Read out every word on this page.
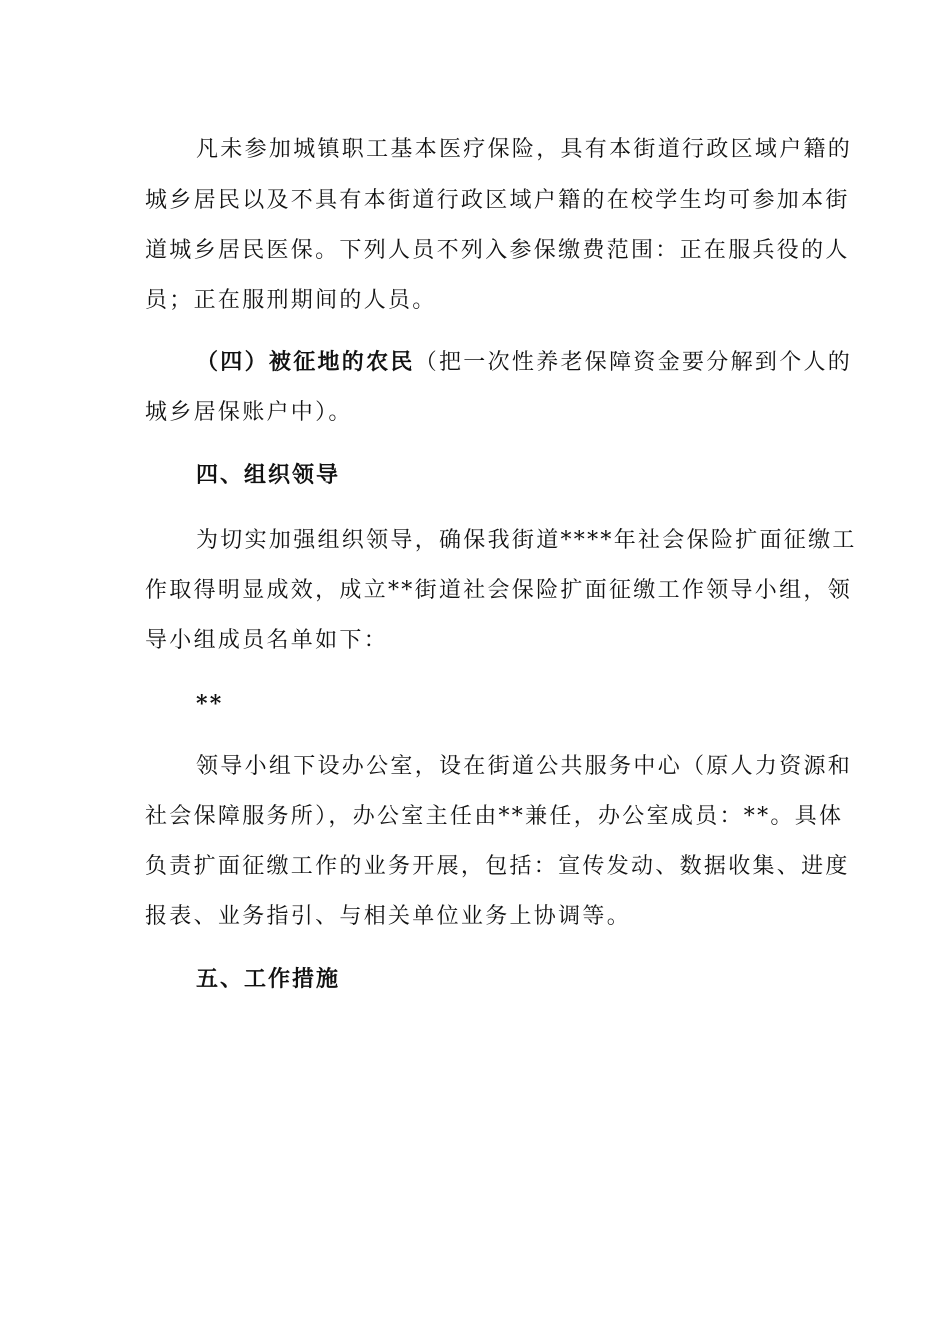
凡未参加城镇职工基本医疗保险，具有本街道行政区域户籍的
城乡居民以及不具有本街道行政区域户籍的在校学生均可参加本街
道城乡居民医保。下列人员不列入参保缴费范围：正在服兵役的人
员；正在服刑期间的人员。
（四）被征地的农民（把一次性养老保障资金要分解到个人的
城乡居保账户中）。
四、组织领导
为切实加强组织领导，确保我街道****年社会保险扩面征缴工
作取得明显成效，成立**街道社会保险扩面征缴工作领导小组，领
导小组成员名单如下：
**
领导小组下设办公室，设在街道公共服务中心（原人力资源和
社会保障服务所），办公室主任由**兼任，办公室成员：**。具体
负责扩面征缴工作的业务开展，包括：宣传发动、数据收集、进度
报表、业务指引、与相关单位业务上协调等。
五、工作措施
